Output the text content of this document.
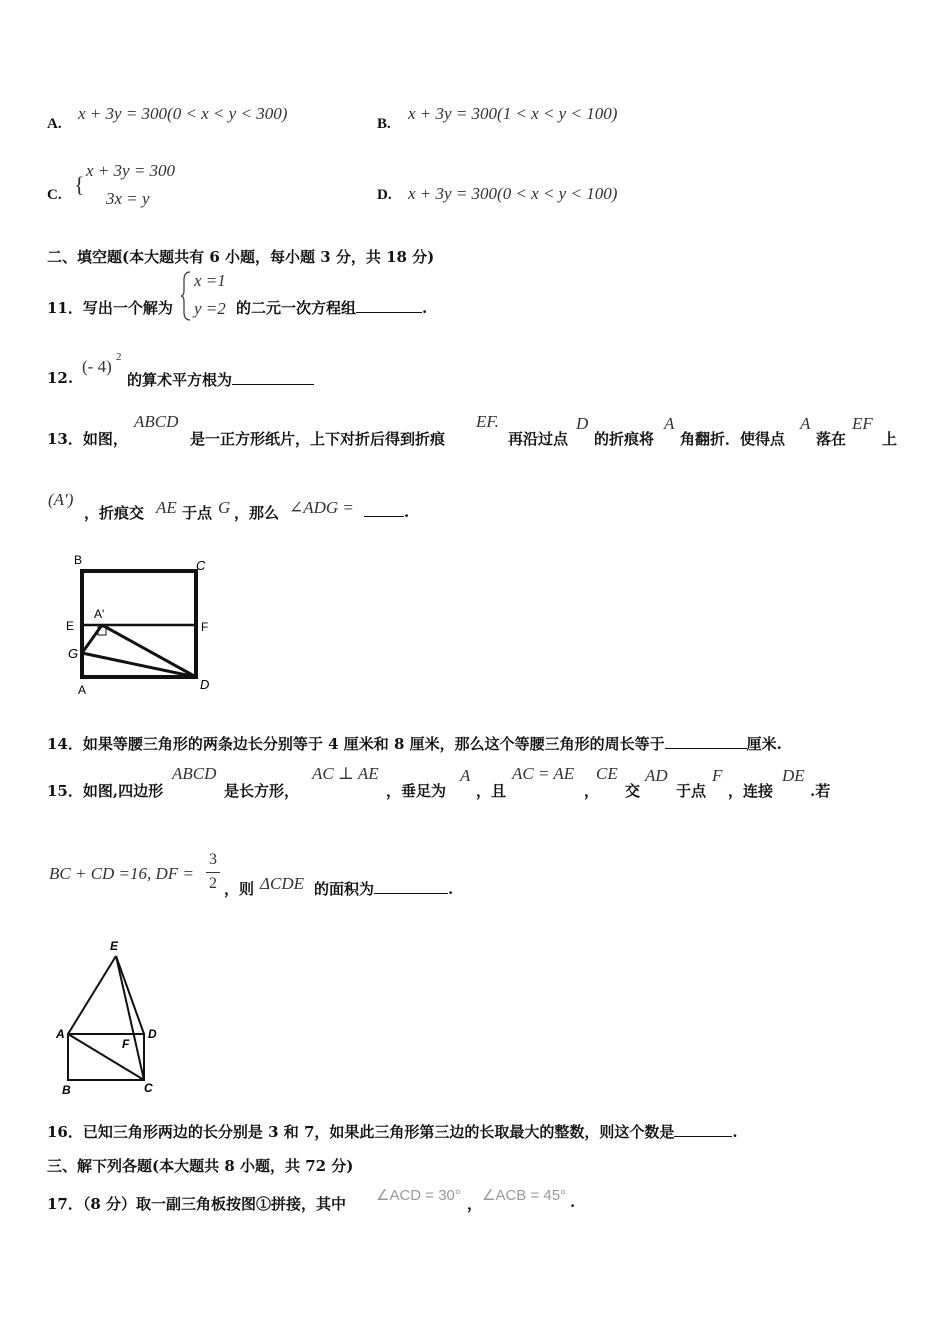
A.
x + 3y = 300(0 < x < y < 300)
B.
x + 3y = 300(1 < x < y < 100)
C. {
x + 3y = 300
3x = y	D. x + 3y = 300(0 < x < y < 100)
二、填空题(本大题共有 6 小题，每小题 3 分，共 18 分)
11．写出一个解为
x =1
y =2 的二元一次方程组	.
12.
(- 4) 2
的算术平方根为
13．如图，
ABCD
是一正方形纸片，上下对折后得到折痕
EF.
再沿过点
D
的折痕将
A
角翻折．使得点
A
落在
EF
上
(A′)
，折痕交 AE 于点 G ，那么 ∠ADG =	.
B	C
E	F
A'
G
A	D
14．如果等腰三角形的两条边长分别等于 4 厘米和 8 厘米，那么这个等腰三角形的周长等于	厘米.
15．如图,四边形
ABCD
是长方形，
AC ⊥ AE
，垂足为
A
，且
AC = AE
，
CE
交
AD
于点
F
，连接
DE
.若
BC + CD =16, DF =
3
2 ，则 ΔCDE 的面积为	.
E
A	D
F
B	C
16．已知三角形两边的长分别是 3 和 7，如果此三角形第三边的长取最大的整数，则这个数是	.
三、解下列各题(本大题共 8 小题，共 72 分)
17．（8 分）取一副三角板按图①拼接，其中 ∠ACD = 30° ， ∠ACB = 45° .
